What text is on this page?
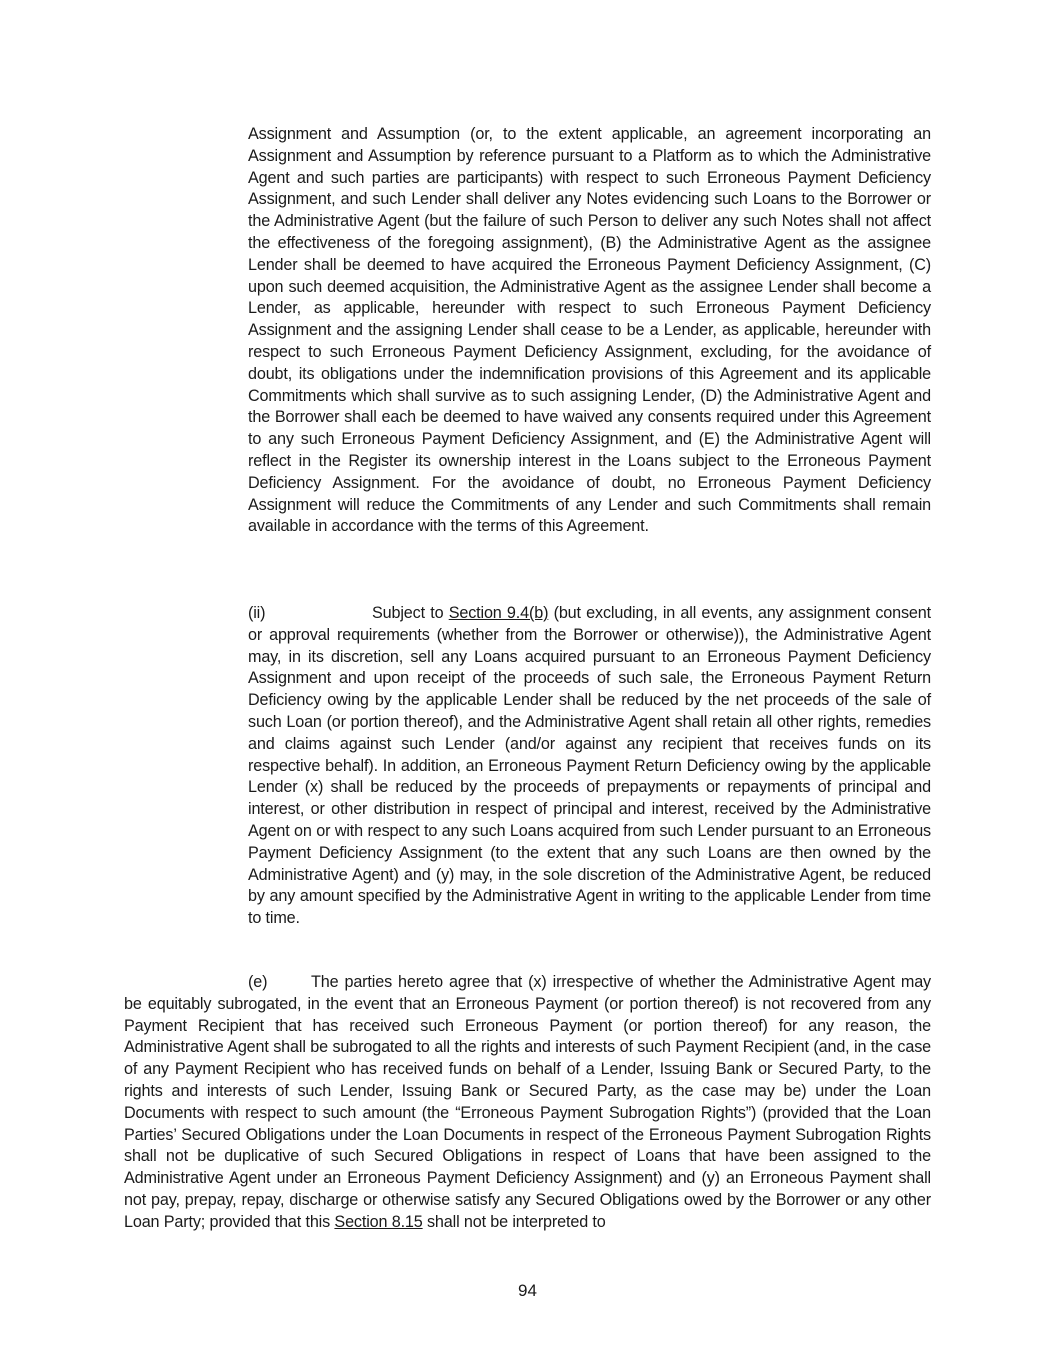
Assignment and Assumption (or, to the extent applicable, an agreement incorporating an Assignment and Assumption by reference pursuant to a Platform as to which the Administrative Agent and such parties are participants) with respect to such Erroneous Payment Deficiency Assignment, and such Lender shall deliver any Notes evidencing such Loans to the Borrower or the Administrative Agent (but the failure of such Person to deliver any such Notes shall not affect the effectiveness of the foregoing assignment), (B) the Administrative Agent as the assignee Lender shall be deemed to have acquired the Erroneous Payment Deficiency Assignment, (C) upon such deemed acquisition, the Administrative Agent as the assignee Lender shall become a Lender, as applicable, hereunder with respect to such Erroneous Payment Deficiency Assignment and the assigning Lender shall cease to be a Lender, as applicable, hereunder with respect to such Erroneous Payment Deficiency Assignment, excluding, for the avoidance of doubt, its obligations under the indemnification provisions of this Agreement and its applicable Commitments which shall survive as to such assigning Lender, (D) the Administrative Agent and the Borrower shall each be deemed to have waived any consents required under this Agreement to any such Erroneous Payment Deficiency Assignment, and (E) the Administrative Agent will reflect in the Register its ownership interest in the Loans subject to the Erroneous Payment Deficiency Assignment. For the avoidance of doubt, no Erroneous Payment Deficiency Assignment will reduce the Commitments of any Lender and such Commitments shall remain available in accordance with the terms of this Agreement.

(ii)	Subject to Section 9.4(b) (but excluding, in all events, any assignment consent or approval requirements (whether from the Borrower or otherwise)), the Administrative Agent may, in its discretion, sell any Loans acquired pursuant to an Erroneous Payment Deficiency Assignment and upon receipt of the proceeds of such sale, the Erroneous Payment Return Deficiency owing by the applicable Lender shall be reduced by the net proceeds of the sale of such Loan (or portion thereof), and the Administrative Agent shall retain all other rights, remedies and claims against such Lender (and/or against any recipient that receives funds on its respective behalf). In addition, an Erroneous Payment Return Deficiency owing by the applicable Lender (x) shall be reduced by the proceeds of prepayments or repayments of principal and interest, or other distribution in respect of principal and interest, received by the Administrative Agent on or with respect to any such Loans acquired from such Lender pursuant to an Erroneous Payment Deficiency Assignment (to the extent that any such Loans are then owned by the Administrative Agent) and (y) may, in the sole discretion of the Administrative Agent, be reduced by any amount specified by the Administrative Agent in writing to the applicable Lender from time to time.

(e)	The parties hereto agree that (x) irrespective of whether the Administrative Agent may be equitably subrogated, in the event that an Erroneous Payment (or portion thereof) is not recovered from any Payment Recipient that has received such Erroneous Payment (or portion thereof) for any reason, the Administrative Agent shall be subrogated to all the rights and interests of such Payment Recipient (and, in the case of any Payment Recipient who has received funds on behalf of a Lender, Issuing Bank or Secured Party, to the rights and interests of such Lender, Issuing Bank or Secured Party, as the case may be) under the Loan Documents with respect to such amount (the “Erroneous Payment Subrogation Rights”) (provided that the Loan Parties’ Secured Obligations under the Loan Documents in respect of the Erroneous Payment Subrogation Rights shall not be duplicative of such Secured Obligations in respect of Loans that have been assigned to the Administrative Agent under an Erroneous Payment Deficiency Assignment) and (y) an Erroneous Payment shall not pay, prepay, repay, discharge or otherwise satisfy any Secured Obligations owed by the Borrower or any other Loan Party; provided that this Section 8.15 shall not be interpreted to

94
